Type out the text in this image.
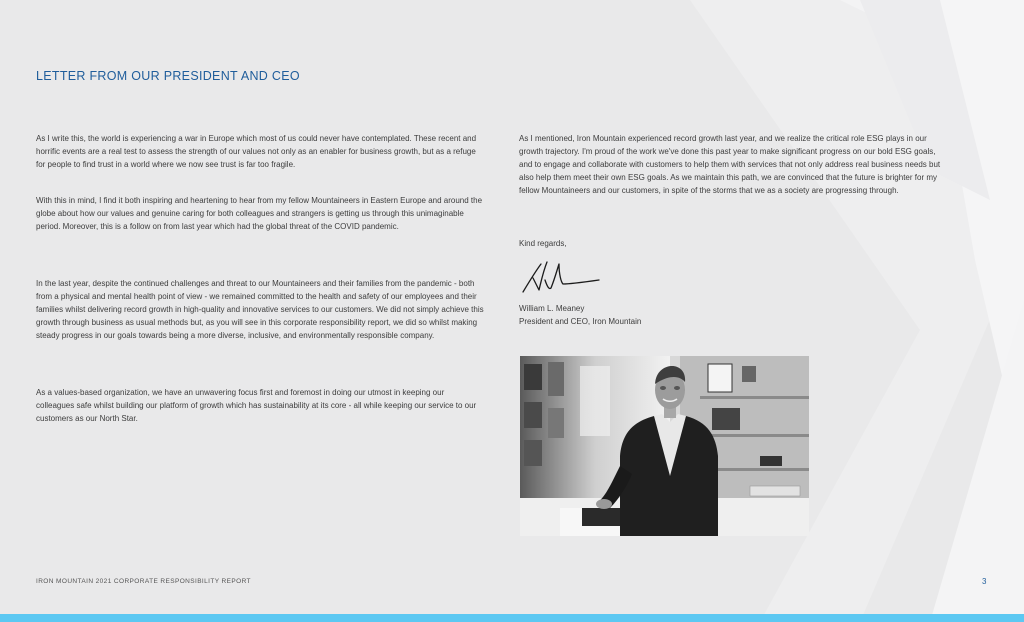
LETTER FROM OUR PRESIDENT AND CEO

As I write this, the world is experiencing a war in Europe which most of us could never have contemplated. These recent and horrific events are a real test to assess the strength of our values not only as an enabler for business growth, but as a refuge for people to find trust in a world where we now see trust is far too fragile.

With this in mind, I find it both inspiring and heartening to hear from my fellow Mountaineers in Eastern Europe and around the globe about how our values and genuine caring for both colleagues and strangers is getting us through this unimaginable period. Moreover, this is a follow on from last year which had the global threat of the COVID pandemic.

In the last year, despite the continued challenges and threat to our Mountaineers and their families from the pandemic - both from a physical and mental health point of view - we remained committed to the health and safety of our employees and their families whilst delivering record growth in high-quality and innovative services to our customers. We did not simply achieve this growth through business as usual methods but, as you will see in this corporate responsibility report, we did so whilst making steady progress in our goals towards being a more diverse, inclusive, and environmentally responsible company.

As a values-based organization, we have an unwavering focus first and foremost in doing our utmost in keeping our colleagues safe whilst building our platform of growth which has sustainability at its core - all while keeping our service to our customers as our North Star.

As I mentioned, Iron Mountain experienced record growth last year, and we realize the critical role ESG plays in our growth trajectory. I'm proud of the work we've done this past year to make significant progress on our bold ESG goals, and to engage and collaborate with customers to help them with services that not only address real business needs but also help them meet their own ESG goals. As we maintain this path, we are convinced that the future is brighter for my fellow Mountaineers and our customers, in spite of the storms that we as a society are progressing through.

Kind regards,

William L. Meaney

President and CEO, Iron Mountain

IRON MOUNTAIN 2021 CORPORATE RESPONSIBILITY REPORT	3
